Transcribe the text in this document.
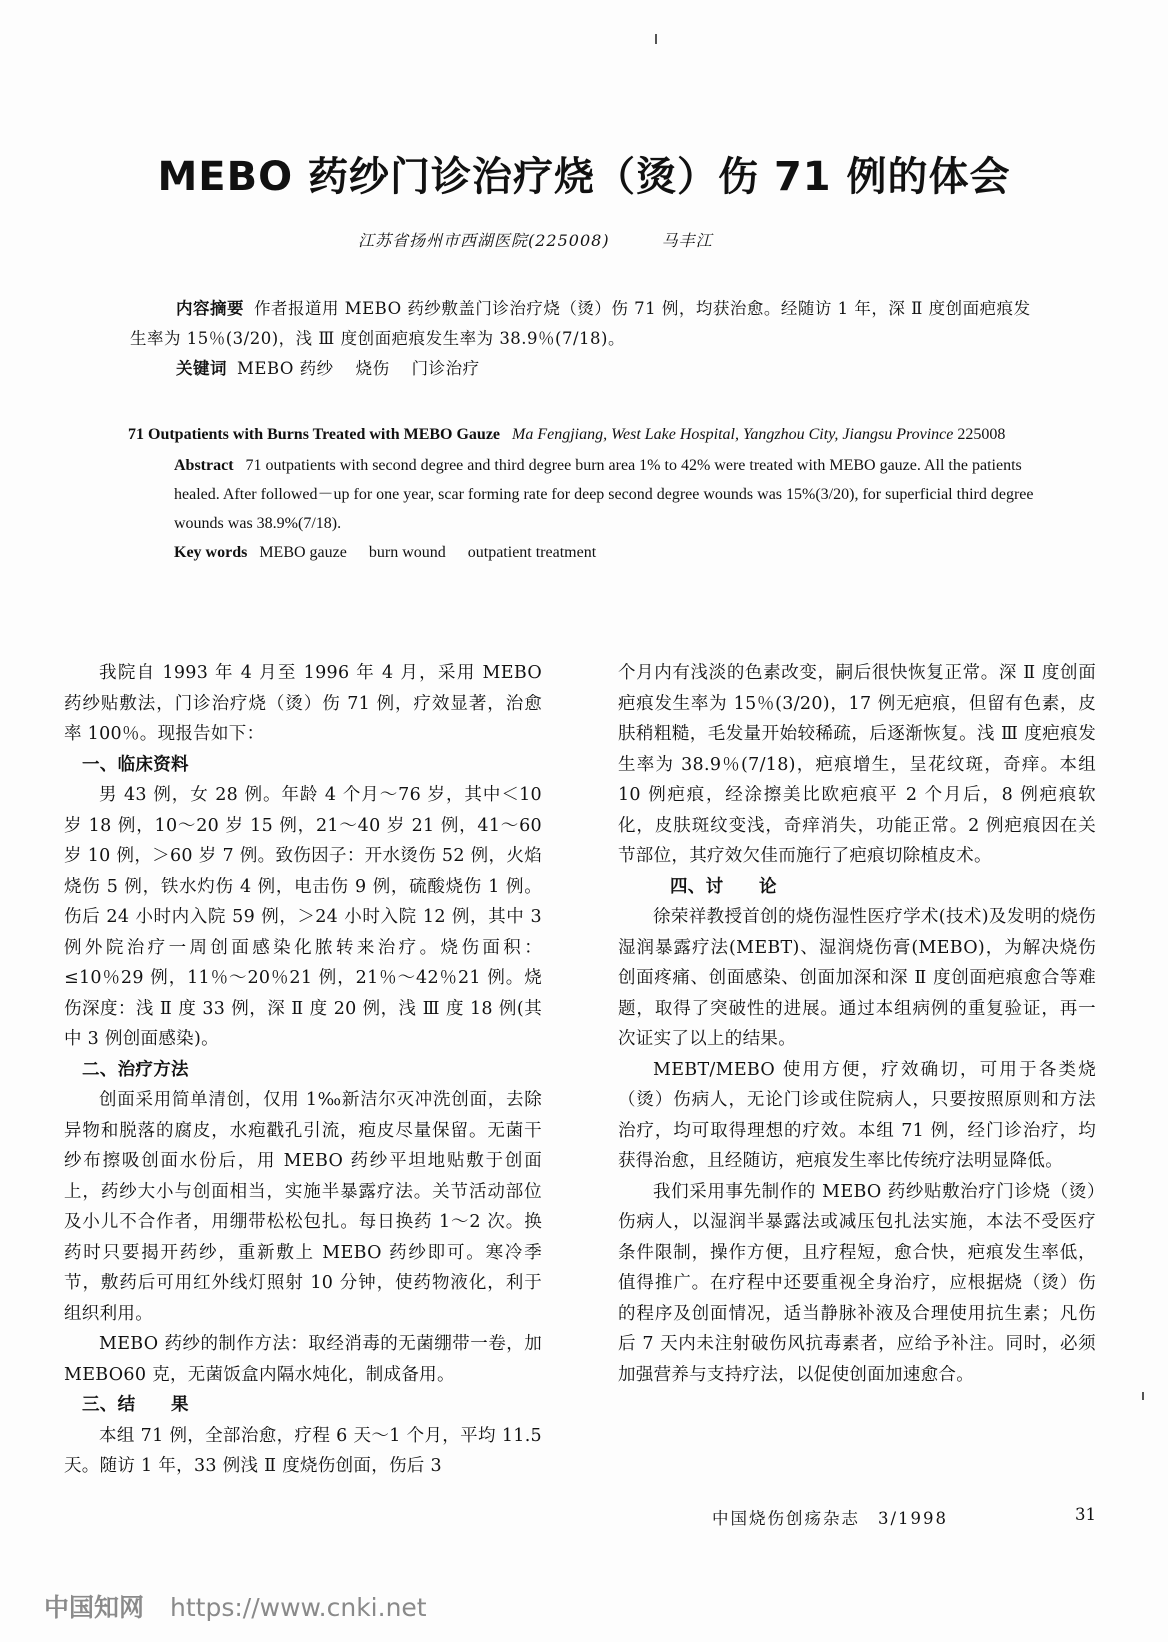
MEBO 药纱门诊治疗烧（烫）伤 71 例的体会
江苏省扬州市西湖医院(225008)	马丰江
内容摘要 作者报道用 MEBO 药纱敷盖门诊治疗烧（烫）伤 71 例，均获治愈。经随访 1 年，深 Ⅱ 度创面疤痕发生率为 15％(3/20)，浅 Ⅲ 度创面疤痕发生率为 38.9％(7/18)。
关键词 MEBO 药纱 烧伤 门诊治疗
71 Outpatients with Burns Treated with MEBO Gauze Ma Fengjiang, West Lake Hospital, Yangzhou City, Jiangsu Province 225008
Abstract 71 outpatients with second degree and third degree burn area 1% to 42% were treated with MEBO gauze. All the patients healed. After followed－up for one year, scar forming rate for deep second degree wounds was 15%(3/20), for superficial third degree wounds was 38.9%(7/18).
Key words MEBO gauze burn wound outpatient treatment

我院自 1993 年 4 月至 1996 年 4 月，采用 MEBO 药纱贴敷法，门诊治疗烧（烫）伤 71 例，疗效显著，治愈率 100％。现报告如下：

一、临床资料

男 43 例，女 28 例。年龄 4 个月～76 岁，其中＜10 岁 18 例，10～20 岁 15 例，21～40 岁 21 例，41～60 岁 10 例，＞60 岁 7 例。致伤因子：开水烫伤 52 例，火焰烧伤 5 例，铁水灼伤 4 例，电击伤 9 例，硫酸烧伤 1 例。伤后 24 小时内入院 59 例，＞24 小时入院 12 例，其中 3 例外院治疗一周创面感染化脓转来治疗。烧伤面积：≤10％29 例，11％～20％21 例，21％～42％21 例。烧伤深度：浅 Ⅱ 度 33 例，深 Ⅱ 度 20 例，浅 Ⅲ 度 18 例(其中 3 例创面感染)。

二、治疗方法

创面采用简单清创，仅用 1‰新洁尔灭冲洗创面，去除异物和脱落的腐皮，水疱戳孔引流，疱皮尽量保留。无菌干纱布擦吸创面水份后，用 MEBO 药纱平坦地贴敷于创面上，药纱大小与创面相当，实施半暴露疗法。关节活动部位及小儿不合作者，用绷带松松包扎。每日换药 1～2 次。换药时只要揭开药纱，重新敷上 MEBO 药纱即可。寒冷季节，敷药后可用红外线灯照射 10 分钟，使药物液化，利于组织利用。

MEBO 药纱的制作方法：取经消毒的无菌绷带一卷，加 MEBO60 克，无菌饭盒内隔水炖化，制成备用。

三、结　　果

本组 71 例，全部治愈，疗程 6 天～1 个月，平均 11.5 天。随访 1 年，33 例浅 Ⅱ 度烧伤创面，伤后 3

个月内有浅淡的色素改变，嗣后很快恢复正常。深 Ⅱ 度创面疤痕发生率为 15％(3/20)，17 例无疤痕，但留有色素，皮肤稍粗糙，毛发量开始较稀疏，后逐渐恢复。浅 Ⅲ 度疤痕发生率为 38.9％(7/18)，疤痕增生，呈花纹斑，奇痒。本组 10 例疤痕，经涂擦美比欧疤痕平 2 个月后，8 例疤痕软化，皮肤斑纹变浅，奇痒消失，功能正常。2 例疤痕因在关节部位，其疗效欠佳而施行了疤痕切除植皮术。

四、讨　　论

徐荣祥教授首创的烧伤湿性医疗学术(技术)及发明的烧伤湿润暴露疗法(MEBT)、湿润烧伤膏(MEBO)，为解决烧伤创面疼痛、创面感染、创面加深和深 Ⅱ 度创面疤痕愈合等难题，取得了突破性的进展。通过本组病例的重复验证，再一次证实了以上的结果。

MEBT/MEBO 使用方便，疗效确切，可用于各类烧（烫）伤病人，无论门诊或住院病人，只要按照原则和方法治疗，均可取得理想的疗效。本组 71 例，经门诊治疗，均获得治愈，且经随访，疤痕发生率比传统疗法明显降低。

我们采用事先制作的 MEBO 药纱贴敷治疗门诊烧（烫）伤病人，以湿润半暴露法或减压包扎法实施，本法不受医疗条件限制，操作方便，且疗程短，愈合快，疤痕发生率低，值得推广。在疗程中还要重视全身治疗，应根据烧（烫）伤的程序及创面情况，适当静脉补液及合理使用抗生素；凡伤后 7 天内未注射破伤风抗毒素者，应给予补注。同时，必须加强营养与支持疗法，以促使创面加速愈合。

中国烧伤创疡杂志 3/1998	31
中国知网 https://www.cnki.net
